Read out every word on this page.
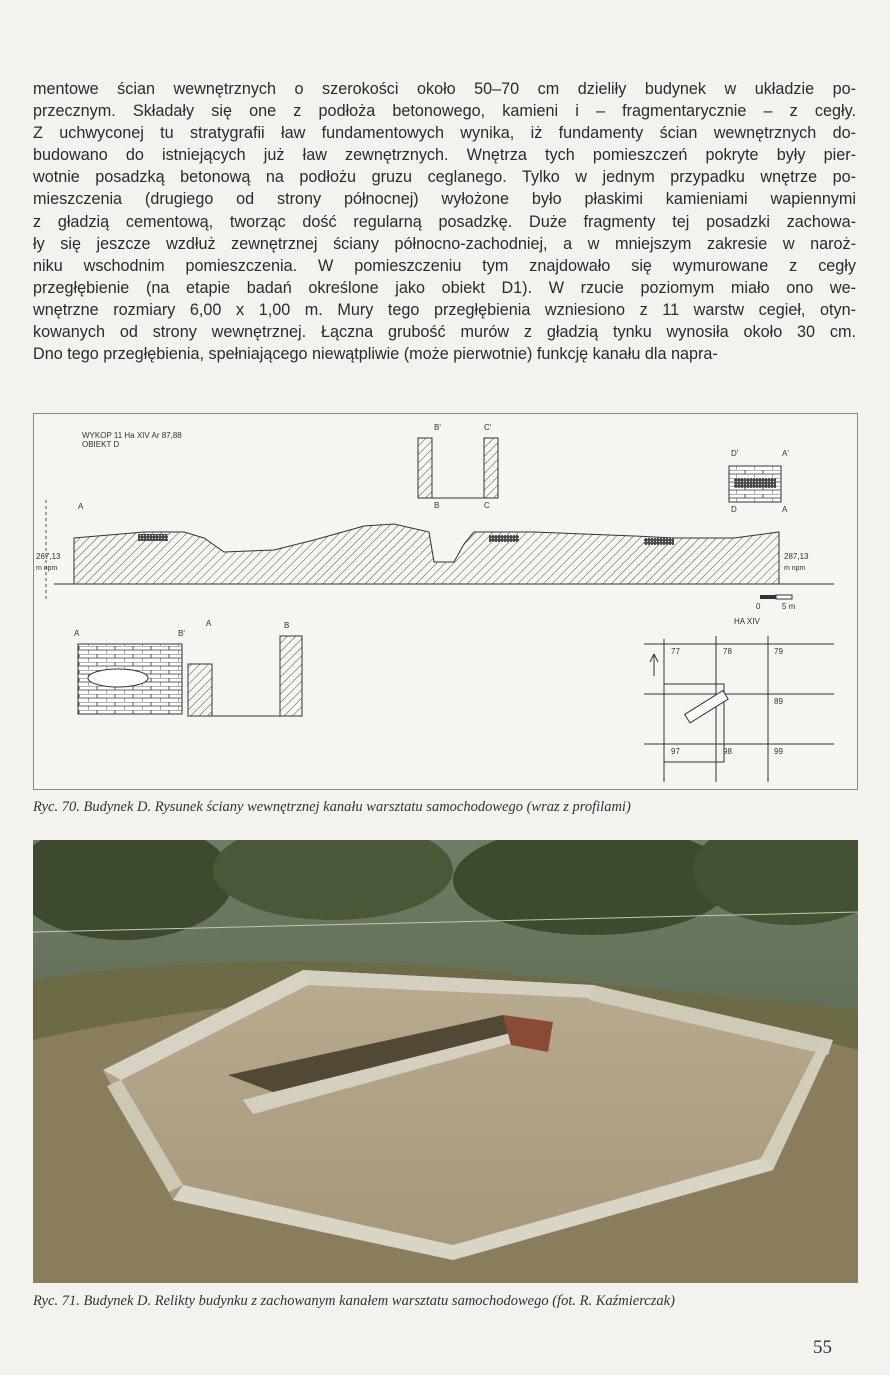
mentowe ścian wewnętrznych o szerokości około 50–70 cm dzieliły budynek w układzie po-

przecznym. Składały się one z podłoża betonowego, kamieni i – fragmentarycznie – z cegły.

Z uchwyconej tu stratygrafii ław fundamentowych wynika, iż fundamenty ścian wewnętrznych do-

budowano do istniejących już ław zewnętrznych. Wnętrza tych pomieszczeń pokryte były pier-

wotnie posadzką betonową na podłożu gruzu ceglanego. Tylko w jednym przypadku wnętrze po-

mieszczenia (drugiego od strony północnej) wyłożone było płaskimi kamieniami wapiennymi

z gładzią cementową, tworząc dość regularną posadzkę. Duże fragmenty tej posadzki zachowa-

ły się jeszcze wzdłuż zewnętrznej ściany północno-zachodniej, a w mniejszym zakresie w naroż-

niku wschodnim pomieszczenia. W pomieszczeniu tym znajdowało się wymurowane z cegły

przegłębienie (na etapie badań określone jako obiekt D1). W rzucie poziomym miało ono we-

wnętrzne rozmiary 6,00 x 1,00 m. Mury tego przegłębienia wzniesiono z 11 warstw cegieł, otyn-

kowanych od strony wewnętrznej. Łączna grubość murów z gładzią tynku wynosiła około 30 cm.

Dno tego przegłębienia, spełniającego niewątpliwie (może pierwotnie) funkcję kanału dla napra-

WYKOP 11 Ha XIV Ar 87,88
OBIEKT D
B'	C'
B	C
D'	A'
D	A
A
267,13
m npm
287,13
m npm
0	5 m
A	B'
A	B	HA XIV
77	78	79
89
97	98	99
Ryc. 70. Budynek D. Rysunek ściany wewnętrznej kanału warsztatu samochodowego (wraz z profilami)
Ryc. 71. Budynek D. Relikty budynku z zachowanym kanałem warsztatu samochodowego (fot. R. Kaźmierczak)
55
